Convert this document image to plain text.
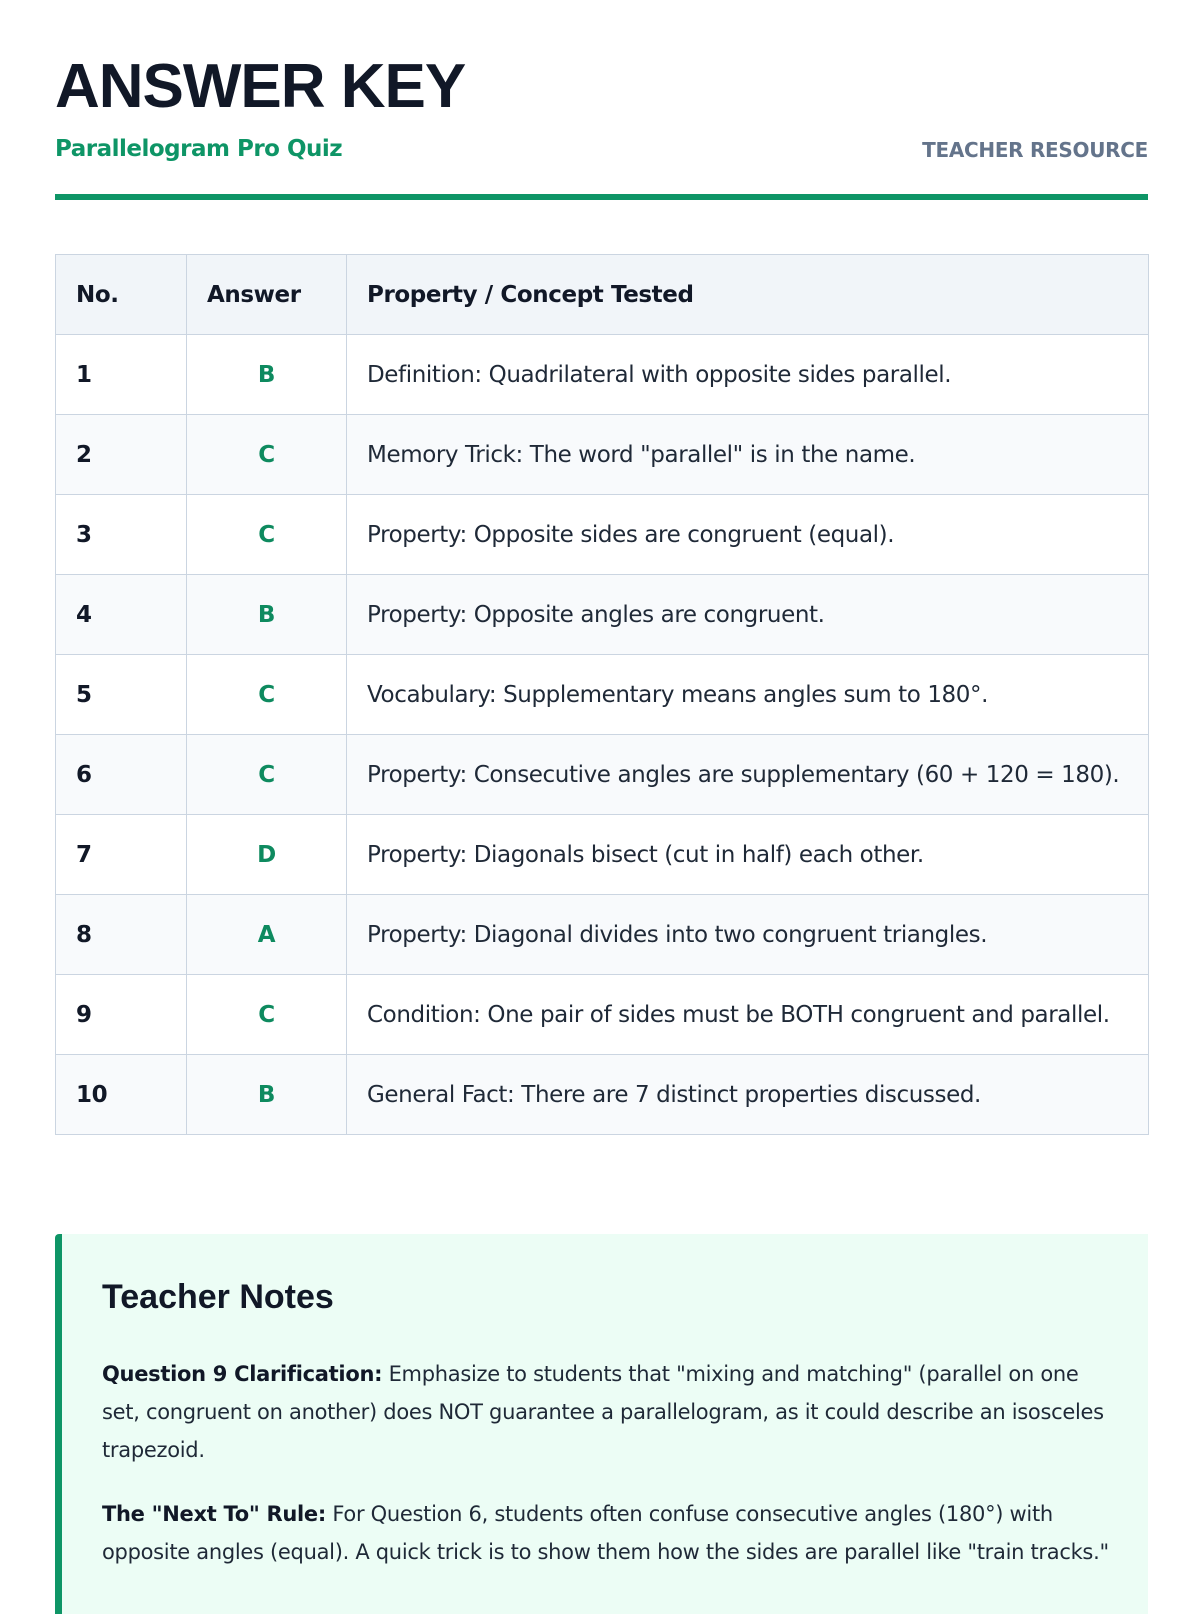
ANSWER KEY
Parallelogram Pro Quiz	TEACHER RESOURCE
No.	Answer	Property / Concept Tested
1	B	Definition: Quadrilateral with opposite sides parallel.
2	C	Memory Trick: The word "parallel" is in the name.
3	C	Property: Opposite sides are congruent (equal).
4	B	Property: Opposite angles are congruent.
5	C	Vocabulary: Supplementary means angles sum to 180°.
6	C	Property: Consecutive angles are supplementary (60 + 120 = 180).
7	D	Property: Diagonals bisect (cut in half) each other.
8	A	Property: Diagonal divides into two congruent triangles.
9	C	Condition: One pair of sides must be BOTH congruent and parallel.
10	B	General Fact: There are 7 distinct properties discussed.
Teacher Notes

Question 9 Clarification: Emphasize to students that "mixing and matching" (parallel on one set, congruent on another) does NOT guarantee a parallelogram, as it could describe an isosceles trapezoid.

The "Next To" Rule: For Question 6, students often confuse consecutive angles (180°) with opposite angles (equal). A quick trick is to show them how the sides are parallel like "train tracks."
